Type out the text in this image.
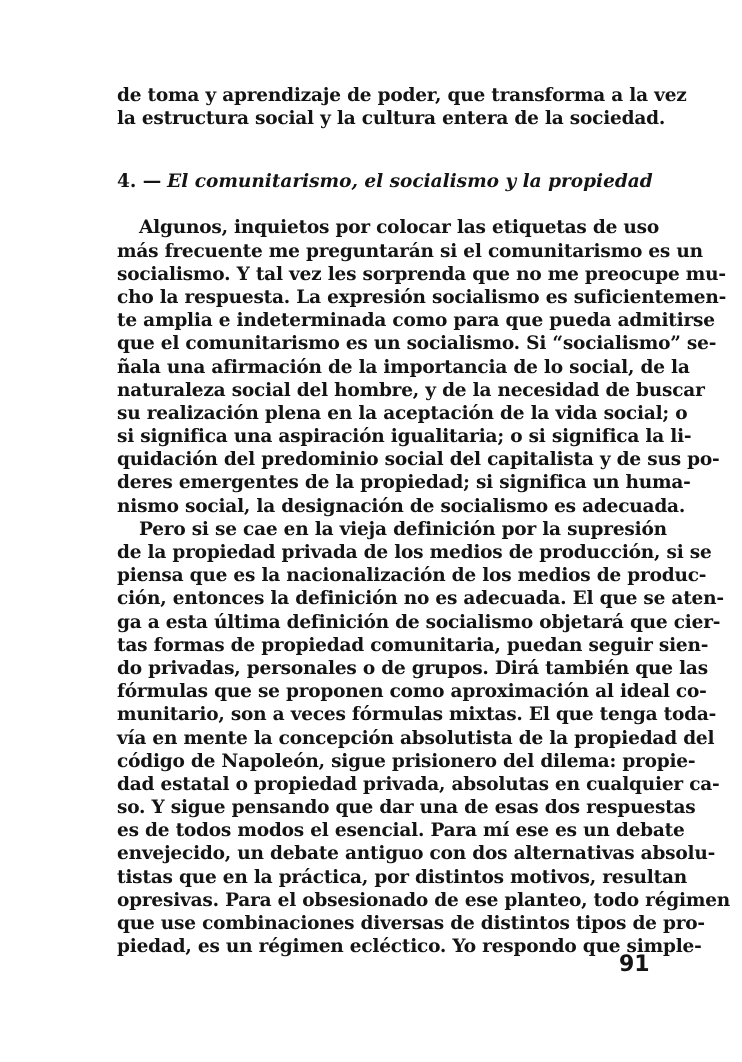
de toma y aprendizaje de poder, que transforma a la vez
la estructura social y la cultura entera de la sociedad.
4. — El comunitarismo, el socialismo y la propiedad
Algunos, inquietos por colocar las etiquetas de uso
más frecuente me preguntarán si el comunitarismo es un
socialismo. Y tal vez les sorprenda que no me preocupe mu-
cho la respuesta. La expresión socialismo es suficientemen-
te amplia e indeterminada como para que pueda admitirse
que el comunitarismo es un socialismo. Si “socialismo” se-
ñala una afirmación de la importancia de lo social, de la
naturaleza social del hombre, y de la necesidad de buscar
su realización plena en la aceptación de la vida social; o
si significa una aspiración igualitaria; o si significa la li-
quidación del predominio social del capitalista y de sus po-
deres emergentes de la propiedad; si significa un huma-
nismo social, la designación de socialismo es adecuada.
Pero si se cae en la vieja definición por la supresión
de la propiedad privada de los medios de producción, si se
piensa que es la nacionalización de los medios de produc-
ción, entonces la definición no es adecuada. El que se aten-
ga a esta última definición de socialismo objetará que cier-
tas formas de propiedad comunitaria, puedan seguir sien-
do privadas, personales o de grupos. Dirá también que las
fórmulas que se proponen como aproximación al ideal co-
munitario, son a veces fórmulas mixtas. El que tenga toda-
vía en mente la concepción absolutista de la propiedad del
código de Napoleón, sigue prisionero del dilema: propie-
dad estatal o propiedad privada, absolutas en cualquier ca-
so. Y sigue pensando que dar una de esas dos respuestas
es de todos modos el esencial. Para mí ese es un debate
envejecido, un debate antiguo con dos alternativas absolu-
tistas que en la práctica, por distintos motivos, resultan
opresivas. Para el obsesionado de ese planteo, todo régimen
que use combinaciones diversas de distintos tipos de pro-
piedad, es un régimen ecléctico. Yo respondo que simple-
91
